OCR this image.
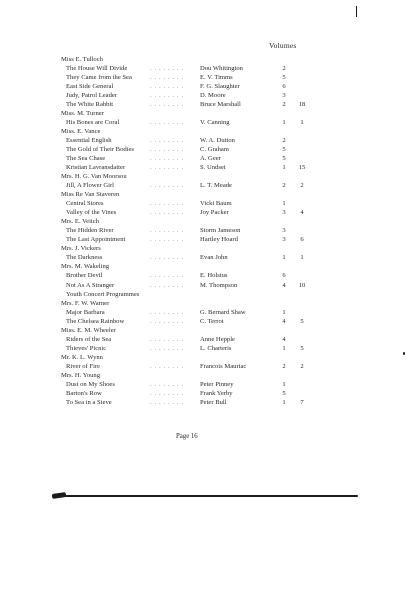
Volumes
Miss E. Tulloch
The House Will Divide	. . . . . . . . Dou Whitington	2
They Came from the Sea	. . . . . . . . E. V. Timms	5
East Side General	. . . . . . . . F. G. Slaughter	6
Judy, Patrol Leader	. . . . . . . . D. Moore	3
The White Rabbit	. . . . . . . . Bruce Marshall	2	18
Miss. M. Turner
His Bones are Coral	. . . . . . . . V. Canning	1	1
Miss. E. Vance
Essential English	. . . . . . . . W. A. Dutton	2
The Gold of Their Bodies . . . . . . . . C. Graham	5
The Sea Chase	. . . . . . . . A. Geer	5
Kristian Lavransdatter	. . . . . . . . S. Undset	1	15
Mrs. H. G. Van Moorsou
Jill, A Flower Girl	. . . . . . . . L. T. Meade	2	2
Miss Re Van Staveren
Central Stores	. . . . . . . . Vicki Baum	1
Valley of the Vines	. . . . . . . . Joy Packer	3	4
Mrs. E. Veitch
The Hidden River	. . . . . . . . Storm Jameson	3
The Last Appointment	. . . . . . . . Hartley Hoard	3	6
Mrs. J. Vickers
The Darkness	. . . . . . . . Evan John	1	1
Mrs. M. Wakeling
Brother Devil	. . . . . . . . E. Holstus	6
Not As A Stranger	. . . . . . . . M. Thompson	4	10
Youth Concert Programmes
Mrs. F. W. Warner
Major Barbara	. . . . . . . . G. Bernard Shaw	1
The Chelsea Rainbow	. . . . . . . . C. Terrot	4	5
Miss. E. M. Wheeler
Riders of the Sea	. . . . . . . . Anne Hepple	4
Thieves' Picnic	. . . . . . . . L. Charteris	1	5
Mr. K. L. Wynn
River of Fire	. . . . . . . . Francois Mauriac	2	2
Mrs. H. Young
Dust on My Shoes	. . . . . . . . Peter Pinney	1
Barton's Row	. . . . . . . . Frank Yerby	5
To Sea in a Sieve	. . . . . . . . Peter Bull	1	7
Page 16
